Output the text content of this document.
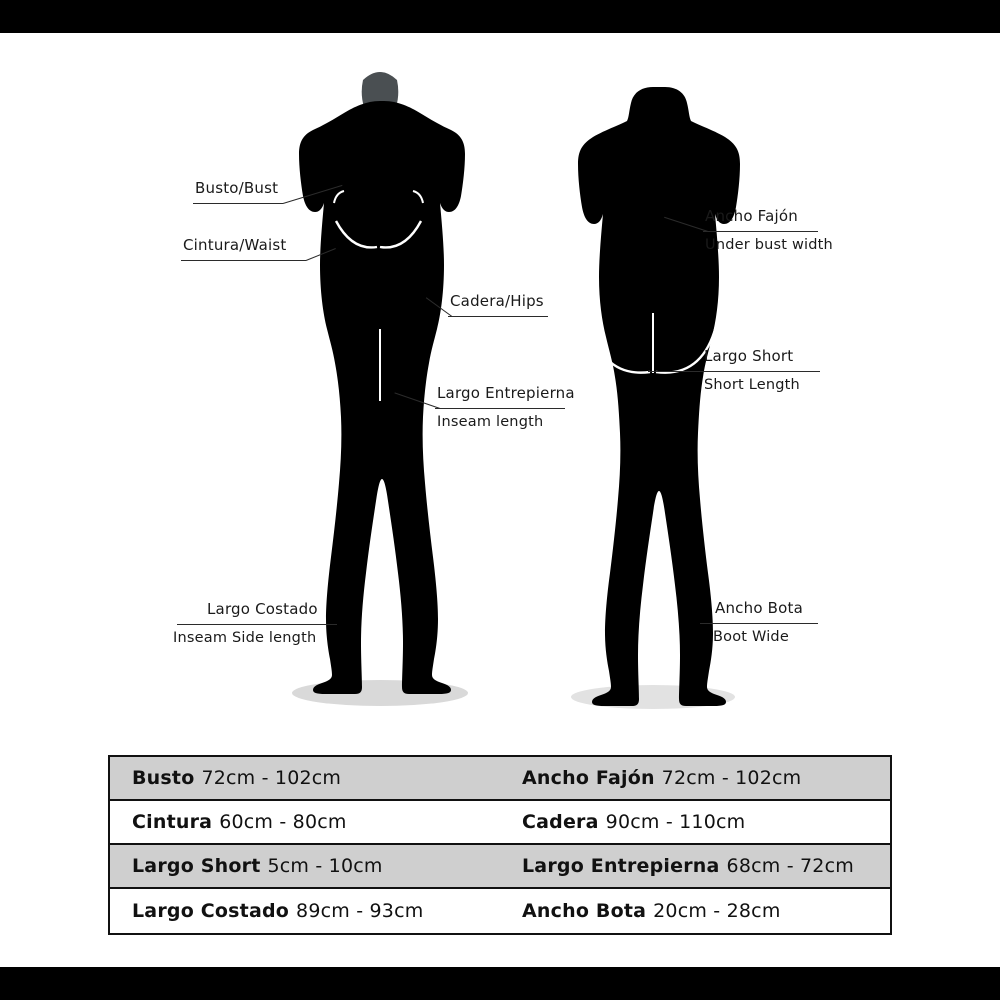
Busto/Bust
Cintura/Waist
Cadera/Hips
Largo Entrepierna
Inseam length
Largo Costado
Inseam Side length
Ancho Fajón
Under bust width
Largo Short
Short Length
Ancho Bota
Boot Wide
Busto 72cm - 102cm	Ancho Fajón 72cm - 102cm
Cintura 60cm - 80cm	Cadera 90cm - 110cm
Largo Short 5cm - 10cm	Largo Entrepierna 68cm - 72cm
Largo Costado 89cm - 93cm	Ancho Bota 20cm - 28cm
